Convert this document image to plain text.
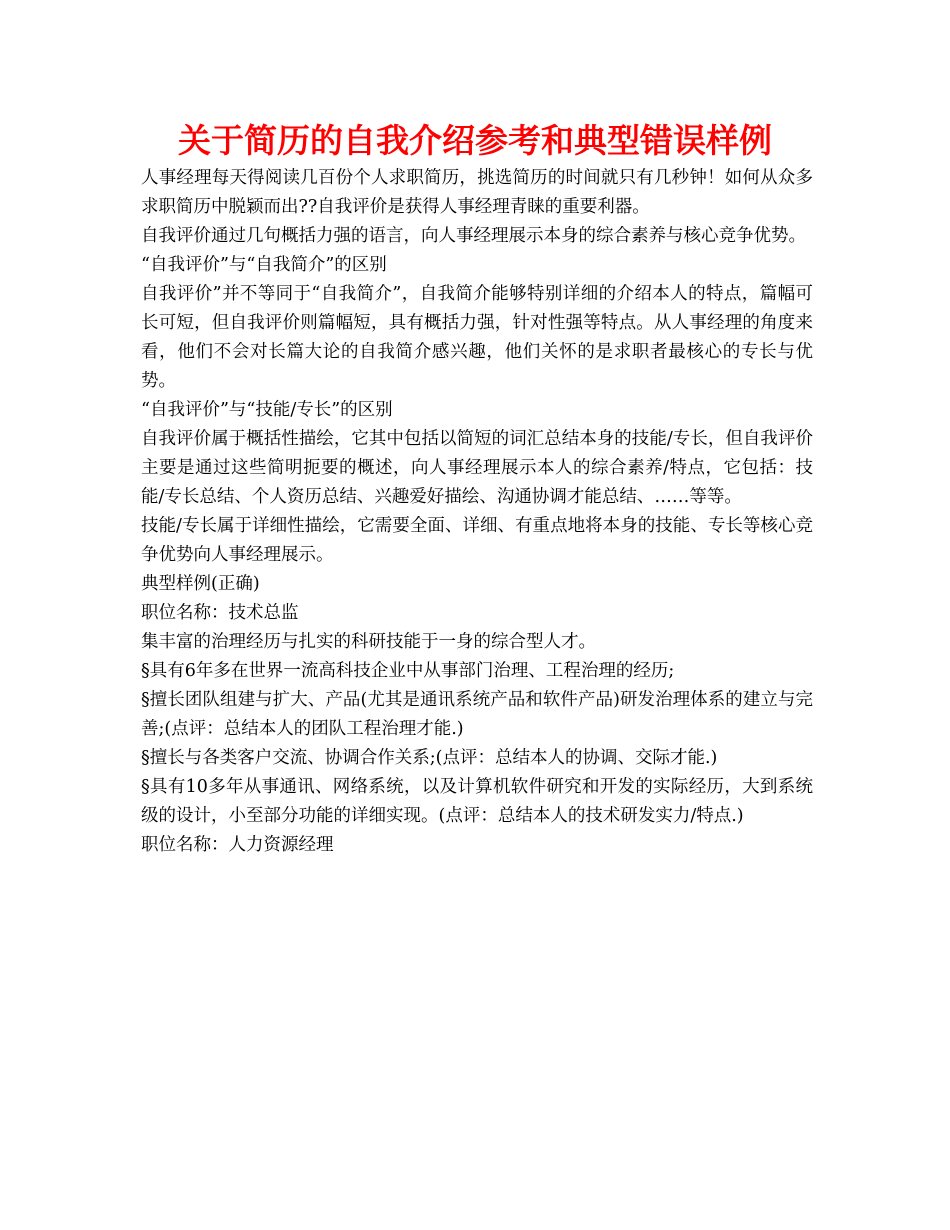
关于简历的自我介绍参考和典型错误样例

人事经理每天得阅读几百份个人求职简历，挑选简历的时间就只有几秒钟！如何从众多求职简历中脱颖而出??自我评价是获得人事经理青睐的重要利器。

自我评价通过几句概括力强的语言，向人事经理展示本身的综合素养与核心竞争优势。

“自我评价”与“自我简介”的区别

自我评价”并不等同于“自我简介”，自我简介能够特别详细的介绍本人的特点，篇幅可长可短，但自我评价则篇幅短，具有概括力强，针对性强等特点。从人事经理的角度来看，他们不会对长篇大论的自我简介感兴趣，他们关怀的是求职者最核心的专长与优势。

“自我评价”与“技能/专长”的区别

自我评价属于概括性描绘，它其中包括以简短的词汇总结本身的技能/专长，但自我评价主要是通过这些简明扼要的概述，向人事经理展示本人的综合素养/特点，它包括：技能/专长总结、个人资历总结、兴趣爱好描绘、沟通协调才能总结、……等等。

技能/专长属于详细性描绘，它需要全面、详细、有重点地将本身的技能、专长等核心竞争优势向人事经理展示。

典型样例(正确)

职位名称：技术总监

集丰富的治理经历与扎实的科研技能于一身的综合型人才。

§具有6年多在世界一流高科技企业中从事部门治理、工程治理的经历;

§擅长团队组建与扩大、产品(尤其是通讯系统产品和软件产品)研发治理体系的建立与完善;(点评：总结本人的团队工程治理才能.)

§擅长与各类客户交流、协调合作关系;(点评：总结本人的协调、交际才能.)

§具有10多年从事通讯、网络系统，以及计算机软件研究和开发的实际经历，大到系统级的设计，小至部分功能的详细实现。(点评：总结本人的技术研发实力/特点.)

职位名称：人力资源经理
